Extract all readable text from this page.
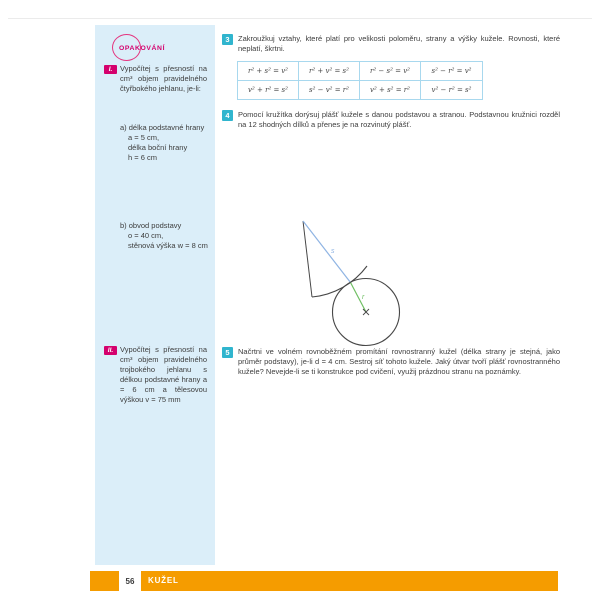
OPAKOVÁNÍ
I.	Vypočítej s přesností na cm³ objem pravidelného čtyřbokého jehlanu, je-li:
a) délka podstavné hrany
a = 5 cm,
délka boční hrany
h = 6 cm
b) obvod podstavy
o = 40 cm,
stěnová výška w = 8 cm
II. Vypočítej s přesností na cm³ objem pravidelného trojbokého jehlanu s délkou podstavné hrany a = 6 cm a tělesovou výškou v = 75 mm
3	Zakroužkuj vztahy, které platí pro velikosti poloměru, strany a výšky kužele. Rovnosti, které neplatí, škrtni.
r² + s² = v²	r² + v² = s²	r² − s² = v²	s² − r² = v²
v² + r² = s²	s² − v² = r²	v² + s² = r²	v² − r² = s²
4	Pomocí kružítka dorýsuj plášť kužele s danou podstavou a stranou. Podstavnou kružnici rozděl na 12 shodných dílků a přenes je na rozvinutý plášť.
s
r
5	Načrtni ve volném rovnoběžném promítání rovnostranný kužel (délka strany je stejná, jako průměr podstavy), je-li d = 4 cm. Sestroj síť tohoto kužele. Jaký útvar tvoří plášť rovnostranného kužele? Nevejde-li se ti konstrukce pod cvičení, využij prázdnou stranu na poznámky.
56	KUŽEL
